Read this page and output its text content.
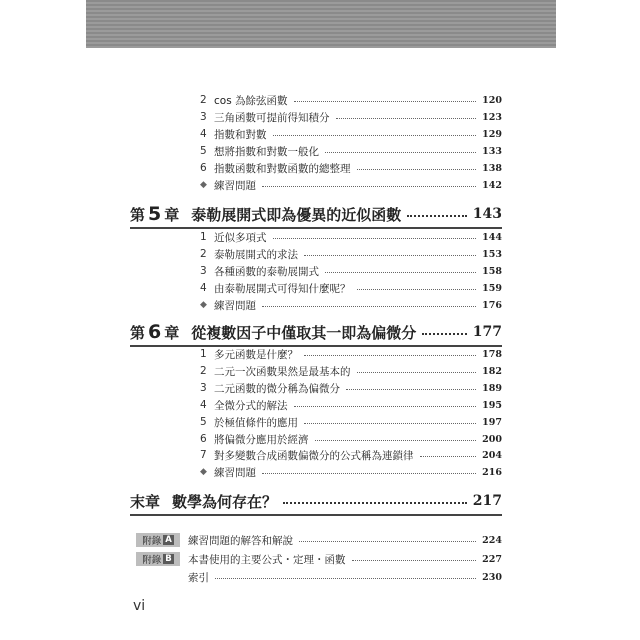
2 cos 為餘弦函數	120
3 三角函數可提前得知積分	123
4 指數和對數	129
5 想將指數和對數一般化	133
6 指數函數和對數函數的總整理	138
◆ 練習問題	142
第 5 章 泰勒展開式即為優異的近似函數	143
1 近似多項式	144
2 泰勒展開式的求法	153
3 各種函數的泰勒展開式	158
4 由泰勒展開式可得知什麼呢？	159
◆ 練習問題	176
第 6 章 從複數因子中僅取其一即為偏微分	177
1 多元函數是什麼？	178
2 二元一次函數果然是最基本的	182
3 二元函數的微分稱為偏微分	189
4 全微分式的解法	195
5 於極值條件的應用	197
6 將偏微分應用於經濟	200
7 對多變數合成函數偏微分的公式稱為連鎖律	204
◆ 練習問題	216
末章 數學為何存在？	217
附錄 A 練習問題的解答和解說	224
附錄 B 本書使用的主要公式・定理・函數	227
索引	230
vi
